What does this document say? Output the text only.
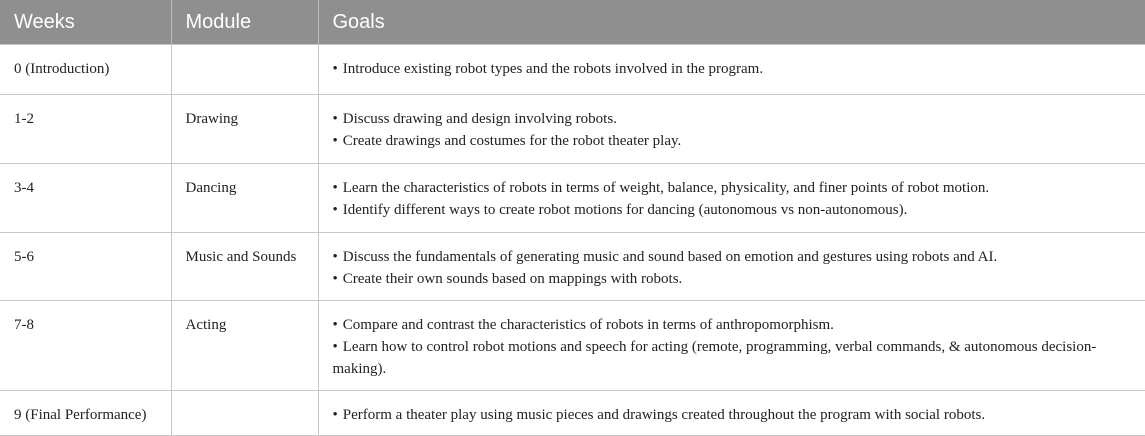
Weeks	Module	Goals
0 (Introduction)		• Introduce existing robot types and the robots involved in the program.

1-2	Drawing	• Discuss drawing and design involving robots.
• Create drawings and costumes for the robot theater play.

3-4	Dancing	• Learn the characteristics of robots in terms of weight, balance, physicality, and finer points of robot motion.
• Identify different ways to create robot motions for dancing (autonomous vs non-autonomous).

5-6	Music and Sounds	• Discuss the fundamentals of generating music and sound based on emotion and gestures using robots and AI.
• Create their own sounds based on mappings with robots.

7-8	Acting	• Compare and contrast the characteristics of robots in terms of anthropomorphism.
• Learn how to control robot motions and speech for acting (remote, programming, verbal commands, & autonomous decision-making).

9 (Final Performance)		• Perform a theater play using music pieces and drawings created throughout the program with social robots.
